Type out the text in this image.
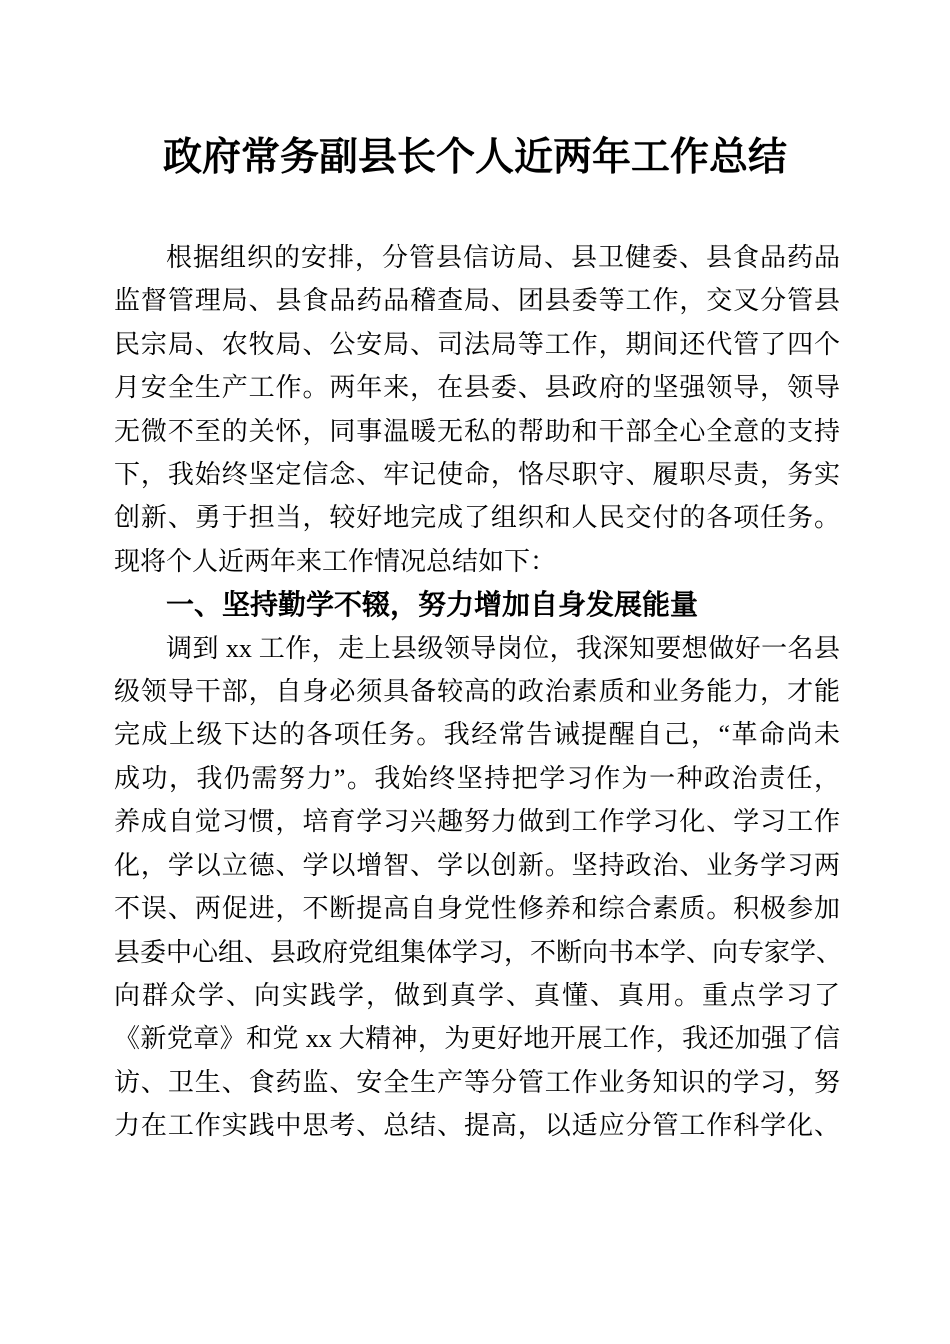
政府常务副县长个人近两年工作总结
根据组织的安排，分管县信访局、县卫健委、县食品药品
监督管理局、县食品药品稽查局、团县委等工作，交叉分管县
民宗局、农牧局、公安局、司法局等工作，期间还代管了四个
月安全生产工作。两年来，在县委、县政府的坚强领导，领导
无微不至的关怀，同事温暖无私的帮助和干部全心全意的支持
下，我始终坚定信念、牢记使命，恪尽职守、履职尽责，务实
创新、勇于担当，较好地完成了组织和人民交付的各项任务。
现将个人近两年来工作情况总结如下：
一、坚持勤学不辍，努力增加自身发展能量
调到 xx 工作，走上县级领导岗位，我深知要想做好一名县
级领导干部，自身必须具备较高的政治素质和业务能力，才能
完成上级下达的各项任务。我经常告诫提醒自己，“革命尚未
成功，我仍需努力”。我始终坚持把学习作为一种政治责任，
养成自觉习惯，培育学习兴趣努力做到工作学习化、学习工作
化，学以立德、学以增智、学以创新。坚持政治、业务学习两
不误、两促进，不断提高自身党性修养和综合素质。积极参加
县委中心组、县政府党组集体学习，不断向书本学、向专家学、
向群众学、向实践学，做到真学、真懂、真用。重点学习了
《新党章》和党 xx 大精神，为更好地开展工作，我还加强了信
访、卫生、食药监、安全生产等分管工作业务知识的学习，努
力在工作实践中思考、总结、提高，以适应分管工作科学化、
